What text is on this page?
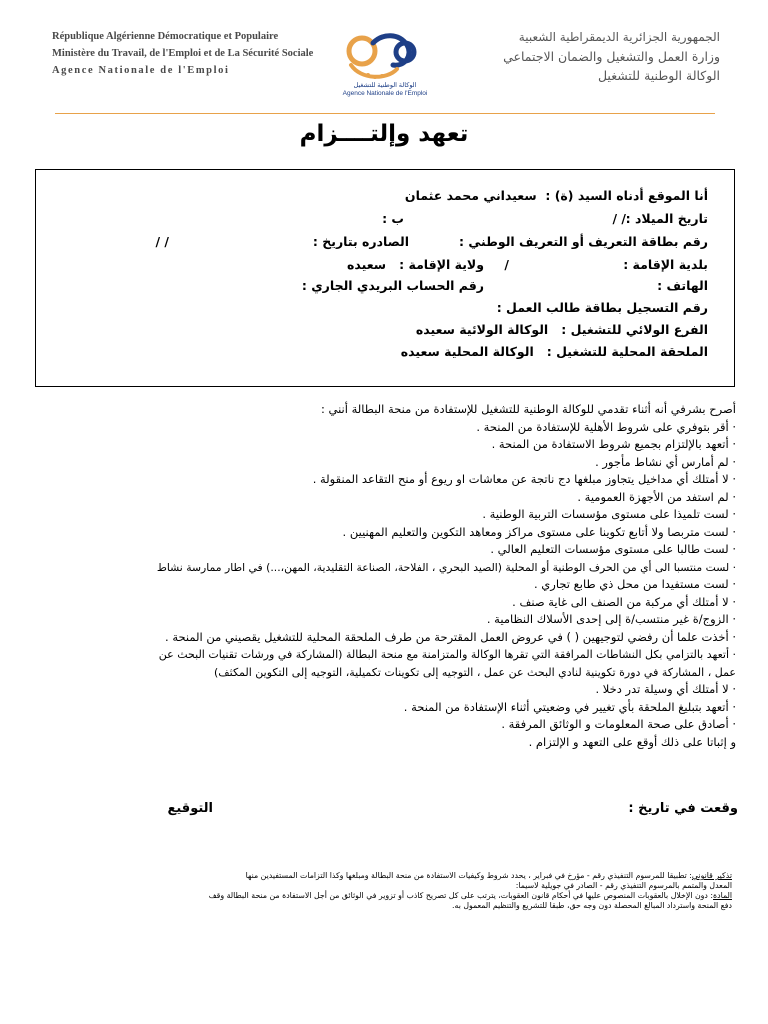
République Algérienne Démocratique et Populaire
Ministère du Travail, de l'Emploi et de La Sécurité Sociale
Agence Nationale de l'Emploi
الوكالة الوطنية للتشغيل
Agence Nationale de l'Emploi
الجمهورية الجزائرية الديمقراطية الشعبية
وزارة العمل والتشغيل والضمان الاجتماعي
الوكالة الوطنية للتشغيل
تعهد وإلتــــزام
أنا الموقع أدناه السيد (ة) :  سعيداني محمد عثمان
تاريخ الميلاد :
/ /
ب :
رقم بطاقة التعريف أو التعريف الوطني :
الصادره بتاريخ :
/ /
بلدية الإقامة :
/
ولاية الإقامة :   سعيده
الهاتف :
رقم الحساب البريدي الجاري :
رقم التسجيل بطاقة طالب العمل :
الفرع الولائي للتشغيل :   الوكالة الولائية سعيده
الملحقة المحلية للتشغيل :   الوكالة المحلية سعيده
أصرح بشرفي أنه أثناء تقدمي للوكالة الوطنية للتشغيل للإستفادة من منحة البطالة أنني :
· أقر بتوفري على شروط الأهلية للإستفادة من المنحة .
· أتعهد بالإلتزام بجميع شروط الاستفادة من المنحة .
· لم أمارس أي نشاط مأجور .
· لا أمتلك أي مداخيل يتجاوز مبلغها دج ناتجة عن معاشات او ريوع أو منح التقاعد المنقولة .
· لم استفد من الأجهزة العمومية .
· لست تلميذا على مستوى مؤسسات التربية الوطنية .
· لست متربصا ولا أتابع تكوينا على مستوى مراكز ومعاهد التكوين والتعليم المهنيين .
· لست طالبا على مستوى مؤسسات التعليم العالي .
· لست منتسبا الى أي من الحرف الوطنية أو المحلية (الصيد البحري ، الفلاحة، الصناعة التقليدية، المهن،...) في اطار ممارسة نشاط
· لست مستفيدا من محل ذي طابع تجاري .
· لا أمتلك أي مركبة من الصنف الى غاية صنف .
· الزوج/ة غير منتسب/ة إلى إحدى الأسلاك النظامية .
· أخذت علما أن رفضي لتوجيهين ( ) في عروض العمل المقترحة من طرف الملحقة المحلية للتشغيل يقصيني من المنحة .
· أتعهد بالتزامي بكل النشاطات المرافقة التي تقرها الوكالة والمتزامنة مع منحة البطالة (المشاركة في ورشات تقنيات البحث عن
عمل ، المشاركة في دورة تكوينية لنادي البحث عن عمل ، التوجيه إلى تكوينات تكميلية، التوجيه إلى التكوين المكثف)
· لا أمتلك أي وسيلة تدر دخلا .
· أتعهد بتبليغ الملحقة بأي تغيير في وضعيتي أثناء الإستفادة من المنحة .
· أصادق على صحة المعلومات و الوثائق المرفقة .
و إثباتا على ذلك أوقع على التعهد و الإلتزام .
وقعت في تاريخ :
التوقيع
تذكير قانوني: تطبيقا للمرسوم التنفيذي رقم - مؤرخ في فبراير ، يحدد شروط وكيفيات الاستفادة من منحة البطالة ومبلغها وكذا التزامات المستفيدين منها
المعدل والمتمم بالمرسوم التنفيذي رقم - الصادر في جويلية لاسيما:
المادة: دون الإخلال بالعقوبات المنصوص عليها في أحكام قانون العقوبات، يترتب على كل تصريح كاذب أو تزوير في الوثائق من أجل الاستفادة من منحة البطالة وقف
دفع المنحة واسترداد المبالغ المحصلة دون وجه حق، طبقا للتشريع والتنظيم المعمول به.
